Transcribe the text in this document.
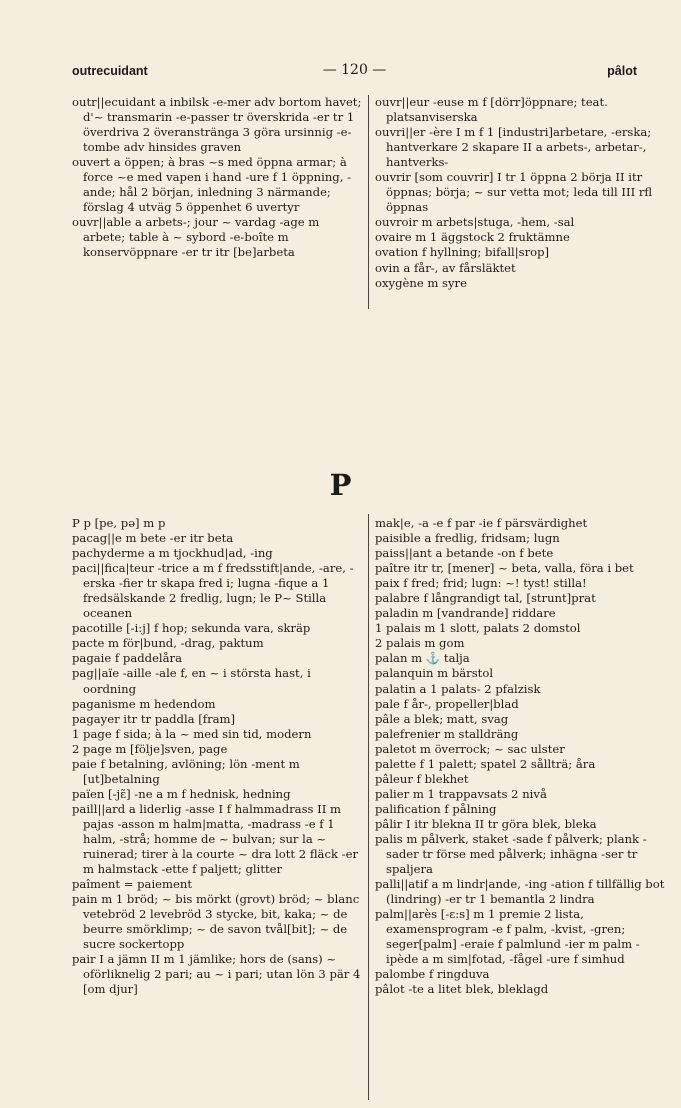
outrecuidant	— 120 —	pâlot

outr||ecuidant a inbilsk -e-mer adv bortom havet; d'~ transmarin -e-passer tr överskrida -er tr 1 överdriva 2 överanstränga 3 göra ursinnig -e-tombe adv hinsides graven

ouvert a öppen; à bras ~s med öppna armar; à force ~e med vapen i hand -ure f 1 öppning, -ande; hål 2 början, inledning 3 närmande; förslag 4 utväg 5 öppenhet 6 uvertyr

ouvr||able a arbets-; jour ~ vardag -age m arbete; table à ~ sybord -e-boîte m konservöppnare -er tr itr [be]arbeta

ouvr||eur -euse m f [dörr]öppnare; teat. platsanviserska

ouvri||er -ère I m f 1 [industri]arbetare, -erska; hantverkare 2 skapare II a arbets-, arbetar-, hantverks-

ouvrir [som couvrir] I tr 1 öppna 2 börja II itr öppnas; börja; ~ sur vetta mot; leda till III rfl öppnas

ouvroir m arbets|stuga, -hem, -sal

ovaire m 1 äggstock 2 fruktämne

ovation f hyllning; bifall|srop]

ovin a får-, av fårsläktet

oxygène m syre

P

P p [pe, pə] m p

pacag||e m bete -er itr beta

pachyderme a m tjockhud|ad, -ing

paci||fica|teur -trice a m f fredsstift|ande, -are, -erska -fier tr skapa fred i; lugna -fique a 1 fredsälskande 2 fredlig, lugn; le P~ Stilla oceanen

pacotille [-i:j] f hop; sekunda vara, skräp

pacte m för|bund, -drag, paktum

pagaie f paddelåra

pag||aïe -aille -ale f, en ~ i största hast, i oordning

paganisme m hedendom

pagayer itr tr paddla [fram]

1 page f sida; à la ~ med sin tid, modern

2 page m [följe]sven, page

paie f betalning, avlöning; lön -ment m [ut]betalning

païen [-jɛ̃] -ne a m f hednisk, hedning

paill||ard a liderlig -asse I f halmmadrass II m pajas -asson m halm|matta, -madrass -e f 1 halm, -strå; homme de ~ bulvan; sur la ~ ruinerad; tirer à la courte ~ dra lott 2 fläck -er m halmstack -ette f paljett; glitter

paîment = paiement

pain m 1 bröd; ~ bis mörkt (grovt) bröd; ~ blanc vetebröd 2 levebröd 3 stycke, bit, kaka; ~ de beurre smörklimp; ~ de savon tvål[bit]; ~ de sucre sockertopp

pair I a jämn II m 1 jämlike; hors de (sans) ~ oförliknelig 2 pari; au ~ i pari; utan lön 3 pär 4 [om djur]

mak|e, -a -e f par -ie f pärsvärdighet

paisible a fredlig, fridsam; lugn

paiss||ant a betande -on f bete

paître itr tr, [mener] ~ beta, valla, föra i bet

paix f fred; frid; lugn: ~! tyst! stilla!

palabre f långrandigt tal, [strunt]prat

paladin m [vandrande] riddare

1 palais m 1 slott, palats 2 domstol

2 palais m gom

palan m ⚓ talja

palanquin m bärstol

palatin a 1 palats- 2 pfalzisk

pale f år-, propeller|blad

pâle a blek; matt, svag

palefrenier m stalldräng

paletot m överrock; ~ sac ulster

palette f 1 palett; spatel 2 sållträ; åra

pâleur f blekhet

palier m 1 trappavsats 2 nivå

palification f pålning

pâlir I itr blekna II tr göra blek, bleka

palis m pålverk, staket -sade f pålverk; plank -sader tr förse med pålverk; inhägna -ser tr spaljera

palli||atif a m lindr|ande, -ing -ation f tillfällig bot (lindring) -er tr 1 bemantla 2 lindra

palm||arès [-ɛ:s] m 1 premie 2 lista, examensprogram -e f palm, -kvist, -gren; seger[palm] -eraie f palmlund -ier m palm -ipède a m sim|fotad, -fågel -ure f simhud

palombe f ringduva

pâlot -te a litet blek, bleklagd
